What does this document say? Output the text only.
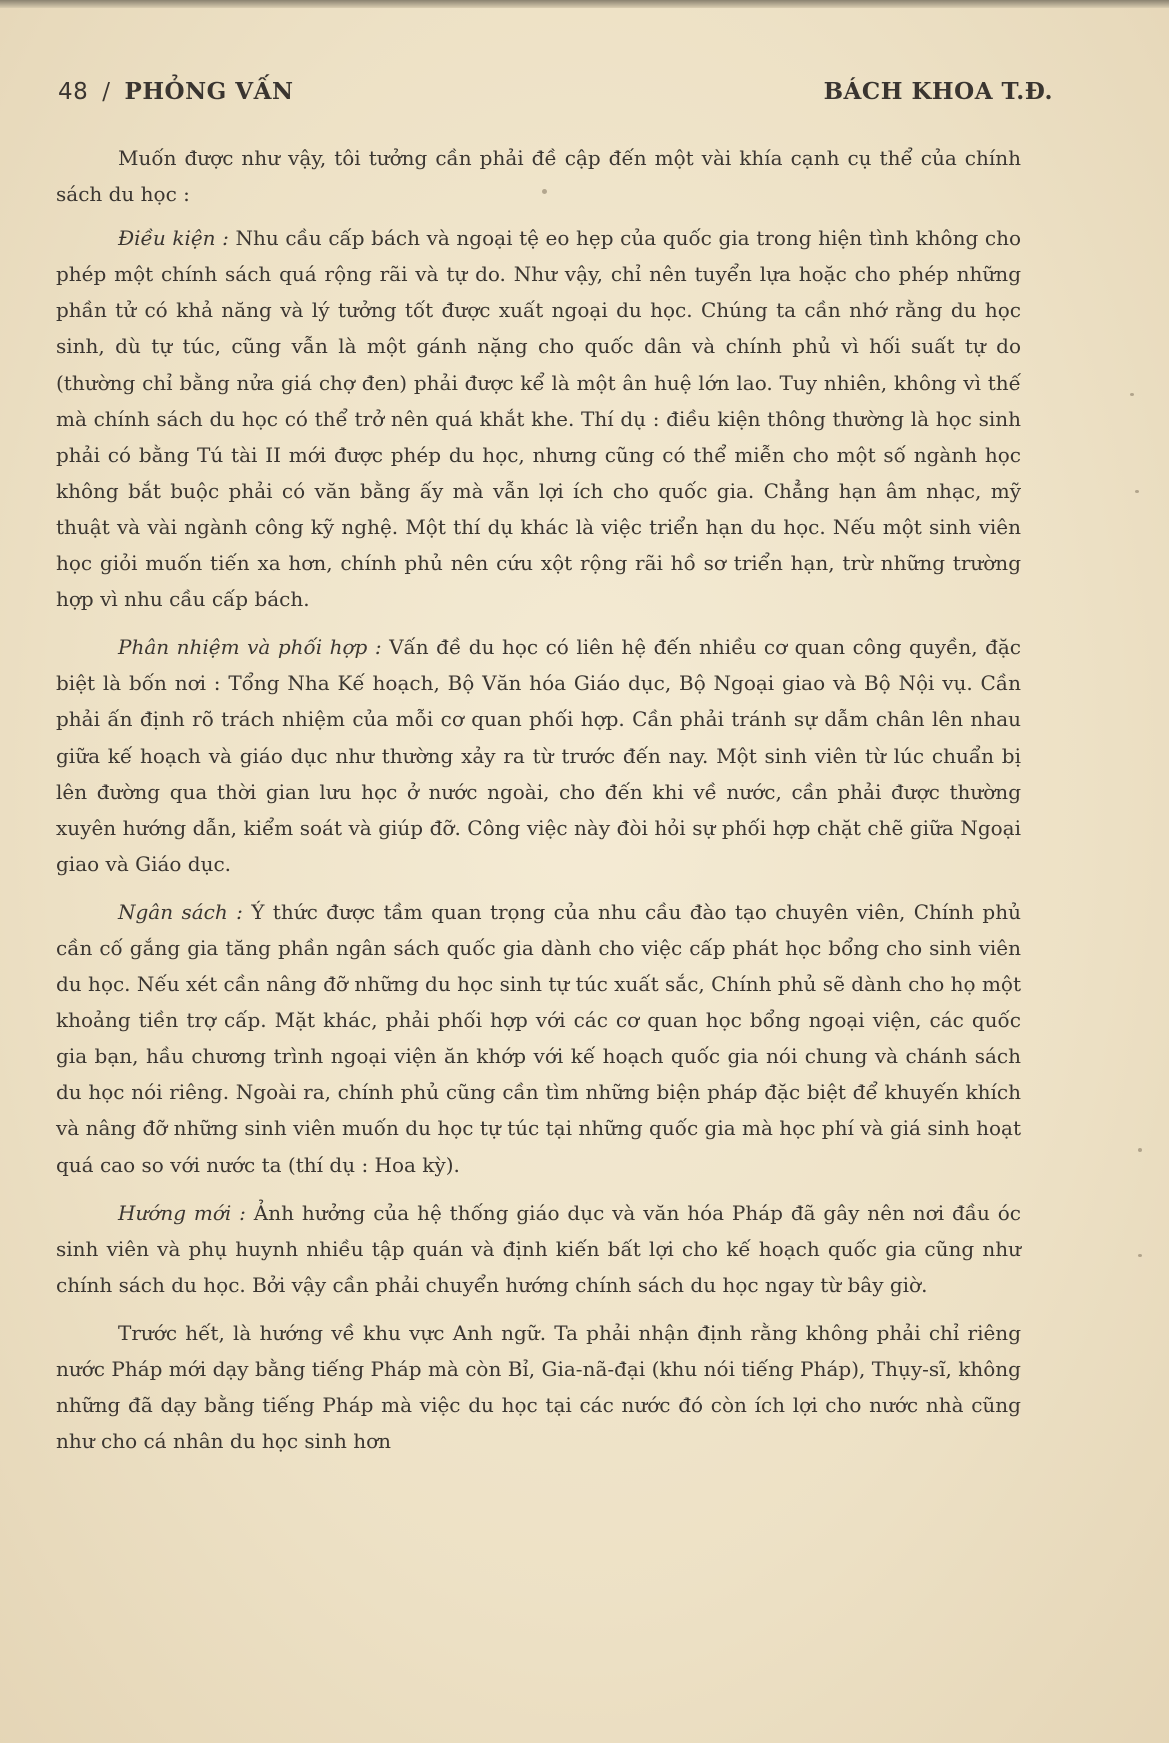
48 / PHỎNG VẤN	BÁCH KHOA T.Đ.

Muốn được như vậy, tôi tưởng cần phải đề cập đến một vài khía cạnh cụ thể của chính sách du học :

Điều kiện : Nhu cầu cấp bách và ngoại tệ eo hẹp của quốc gia trong hiện tình không cho phép một chính sách quá rộng rãi và tự do. Như vậy, chỉ nên tuyển lựa hoặc cho phép những phần tử có khả năng và lý tưởng tốt được xuất ngoại du học. Chúng ta cần nhớ rằng du học sinh, dù tự túc, cũng vẫn là một gánh nặng cho quốc dân và chính phủ vì hối suất tự do (thường chỉ bằng nửa giá chợ đen) phải được kể là một ân huệ lớn lao. Tuy nhiên, không vì thế mà chính sách du học có thể trở nên quá khắt khe. Thí dụ : điều kiện thông thường là học sinh phải có bằng Tú tài II mới được phép du học, nhưng cũng có thể miễn cho một số ngành học không bắt buộc phải có văn bằng ấy mà vẫn lợi ích cho quốc gia. Chẳng hạn âm nhạc, mỹ thuật và vài ngành công kỹ nghệ. Một thí dụ khác là việc triển hạn du học. Nếu một sinh viên học giỏi muốn tiến xa hơn, chính phủ nên cứu xột rộng rãi hồ sơ triển hạn, trừ những trường hợp vì nhu cầu cấp bách.

Phân nhiệm và phối hợp : Vấn đề du học có liên hệ đến nhiều cơ quan công quyền, đặc biệt là bốn nơi : Tổng Nha Kế hoạch, Bộ Văn hóa Giáo dục, Bộ Ngoại giao và Bộ Nội vụ. Cần phải ấn định rõ trách nhiệm của mỗi cơ quan phối hợp. Cần phải tránh sự dẫm chân lên nhau giữa kế hoạch và giáo dục như thường xảy ra từ trước đến nay. Một sinh viên từ lúc chuẩn bị lên đường qua thời gian lưu học ở nước ngoài, cho đến khi về nước, cần phải được thường xuyên hướng dẫn, kiểm soát và giúp đỡ. Công việc này đòi hỏi sự phối hợp chặt chẽ giữa Ngoại giao và Giáo dục.

Ngân sách : Ý thức được tầm quan trọng của nhu cầu đào tạo chuyên viên, Chính phủ cần cố gắng gia tăng phần ngân sách quốc gia dành cho việc cấp phát học bổng cho sinh viên du học. Nếu xét cần nâng đỡ những du học sinh tự túc xuất sắc, Chính phủ sẽ dành cho họ một khoảng tiền trợ cấp. Mặt khác, phải phối hợp với các cơ quan học bổng ngoại viện, các quốc gia bạn, hầu chương trình ngoại viện ăn khớp với kế hoạch quốc gia nói chung và chánh sách du học nói riêng. Ngoài ra, chính phủ cũng cần tìm những biện pháp đặc biệt để khuyến khích và nâng đỡ những sinh viên muốn du học tự túc tại những quốc gia mà học phí và giá sinh hoạt quá cao so với nước ta (thí dụ : Hoa kỳ).

Hướng mới : Ảnh hưởng của hệ thống giáo dục và văn hóa Pháp đã gây nên nơi đầu óc sinh viên và phụ huynh nhiều tập quán và định kiến bất lợi cho kế hoạch quốc gia cũng như chính sách du học. Bởi vậy cần phải chuyển hướng chính sách du học ngay từ bây giờ.

Trước hết, là hướng về khu vực Anh ngữ. Ta phải nhận định rằng không phải chỉ riêng nước Pháp mới dạy bằng tiếng Pháp mà còn Bỉ, Gia-nã-đại (khu nói tiếng Pháp), Thụy-sĩ, không những đã dạy bằng tiếng Pháp mà việc du học tại các nước đó còn ích lợi cho nước nhà cũng như cho cá nhân du học sinh hơn
